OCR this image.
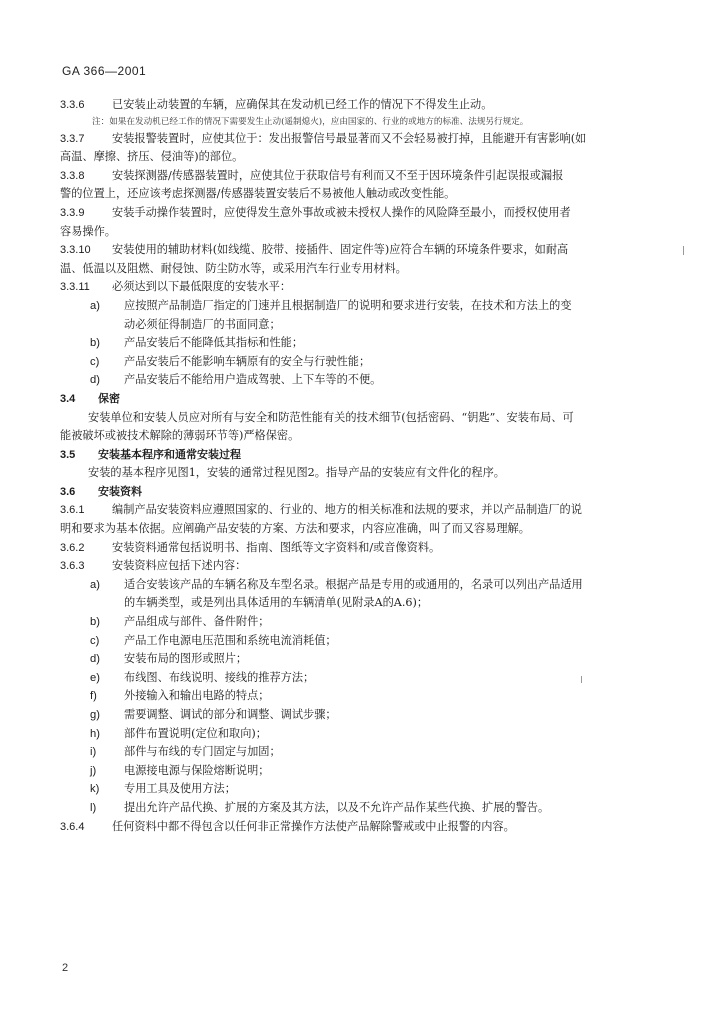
GA 366—2001
3.3.6 已安装止动装置的车辆，应确保其在发动机已经工作的情况下不得发生止动。
注：如果在发动机已经工作的情况下需要发生止动(遥制熄火)，应由国家的、行业的或地方的标准、法规另行规定。
3.3.7 安装报警装置时，应使其位于：发出报警信号最显著而又不会轻易被打掉，且能避开有害影响(如
高温、摩擦、挤压、侵油等)的部位。
3.3.8 安装探测器/传感器装置时，应使其位于获取信号有利而又不至于因环境条件引起误报或漏报
警的位置上，还应该考虑探测器/传感器装置安装后不易被他人触动或改变性能。
3.3.9 安装手动操作装置时，应使得发生意外事故或被未授权人操作的风险降至最小，而授权使用者
容易操作。
3.3.10 安装使用的辅助材料(如线缆、胶带、接插件、固定件等)应符合车辆的环境条件要求，如耐高
温、低温以及阻燃、耐侵蚀、防尘防水等，或采用汽车行业专用材料。
3.3.11 必须达到以下最低限度的安装水平：
a) 应按照产品制造厂指定的门速并且根据制造厂的说明和要求进行安装，在技术和方法上的变
动必须征得制造厂的书面同意；
b) 产品安装后不能降低其指标和性能；
c) 产品安装后不能影响车辆原有的安全与行驶性能；
d) 产品安装后不能给用户造成驾驶、上下车等的不便。
3.4 保密
安装单位和安装人员应对所有与安全和防范性能有关的技术细节(包括密码、“钥匙”、安装布局、可
能被破坏或被技术解除的薄弱环节等)严格保密。
3.5 安装基本程序和通常安装过程
安装的基本程序见图1，安装的通常过程见图2。指导产品的安装应有文件化的程序。
3.6 安装资料
3.6.1 编制产品安装资料应遵照国家的、行业的、地方的相关标准和法规的要求，并以产品制造厂的说
明和要求为基本依据。应阐确产品安装的方案、方法和要求，内容应准确，叫了而又容易理解。
3.6.2 安装资料通常包括说明书、指南、图纸等文字资料和/或音像资料。
3.6.3 安装资料应包括下述内容：
a) 适合安装该产品的车辆名称及车型名录。根据产品是专用的或通用的，名录可以列出产品适用
的车辆类型，或是列出具体适用的车辆清单(见附录A的A.6)；
b) 产品组成与部件、备件附件；
c) 产品工作电源电压范围和系统电流消耗值；
d) 安装布局的图形或照片；
e) 布线图、布线说明、接线的推荐方法；
f) 外接输入和输出电路的特点；
g) 需要调整、调试的部分和调整、调试步骤；
h) 部件布置说明(定位和取向)；
i) 部件与布线的专门固定与加固；
j) 电源接电源与保险熔断说明；
k) 专用工具及使用方法；
l) 提出允许产品代换、扩展的方案及其方法，以及不允许产品作某些代换、扩展的警告。
3.6.4 任何资料中都不得包含以任何非正常操作方法使产品解除警戒或中止报警的内容。
2
